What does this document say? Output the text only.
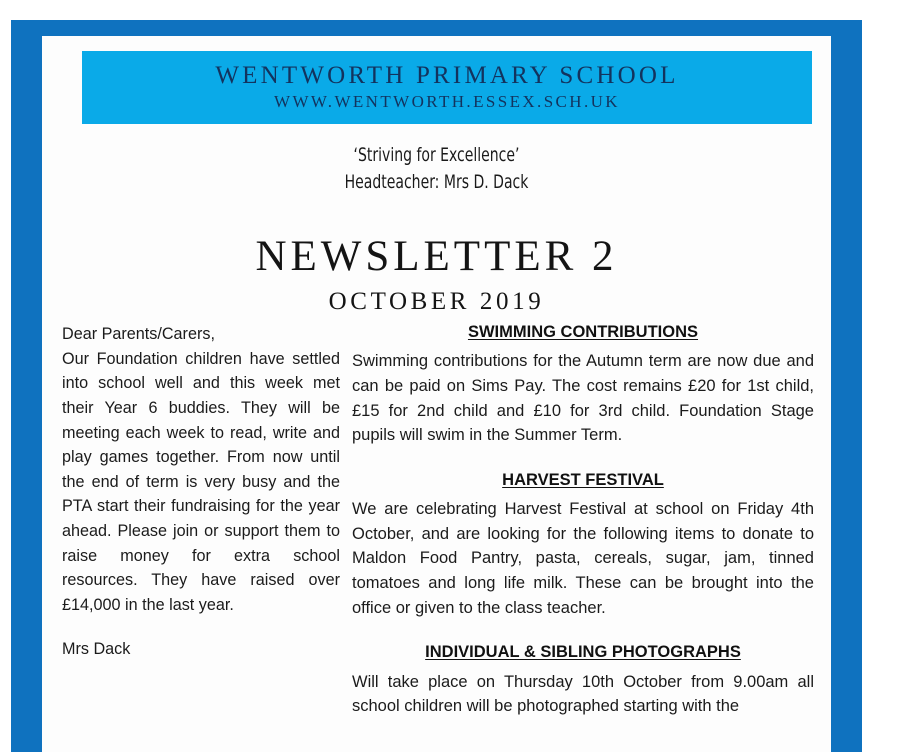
WENTWORTH PRIMARY SCHOOL
WWW.WENTWORTH.ESSEX.SCH.UK
‘Striving for Excellence’
Headteacher: Mrs D. Dack
NEWSLETTER 2
OCTOBER 2019

Dear Parents/Carers,

Our Foundation children have settled into school well and this week met their Year 6 buddies. They will be meeting each week to read, write and play games together. From now until the end of term is very busy and the PTA start their fundraising for the year ahead. Please join or support them to raise money for extra school resources. They have raised over £14,000 in the last year.

Mrs Dack

SWIMMING CONTRIBUTIONS

Swimming contributions for the Autumn term are now due and can be paid on Sims Pay. The cost remains £20 for 1st child, £15 for 2nd child and £10 for 3rd child. Foundation Stage pupils will swim in the Summer Term.

HARVEST FESTIVAL

We are celebrating Harvest Festival at school on Friday 4th October, and are looking for the following items to donate to Maldon Food Pantry, pasta, cereals, sugar, jam, tinned tomatoes and long life milk. These can be brought into the office or given to the class teacher.

INDIVIDUAL & SIBLING PHOTOGRAPHS

Will take place on Thursday 10th October from 9.00am all school children will be photographed starting with the
